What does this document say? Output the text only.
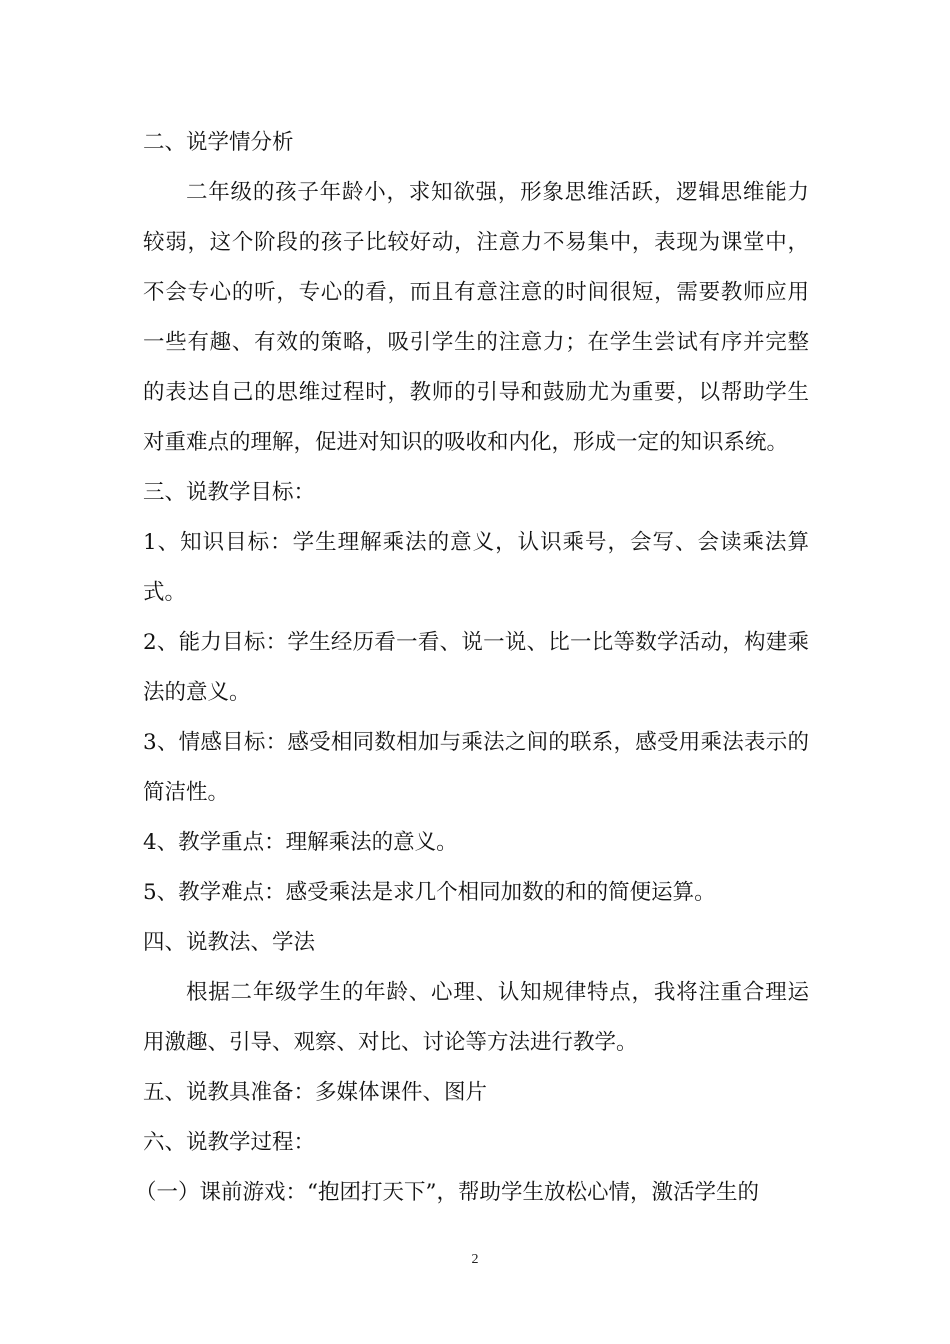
二、说学情分析

二年级的孩子年龄小，求知欲强，形象思维活跃，逻辑思维能力较弱，这个阶段的孩子比较好动，注意力不易集中，表现为课堂中，不会专心的听，专心的看，而且有意注意的时间很短，需要教师应用一些有趣、有效的策略，吸引学生的注意力；在学生尝试有序并完整的表达自己的思维过程时，教师的引导和鼓励尤为重要，以帮助学生对重难点的理解，促进对知识的吸收和内化，形成一定的知识系统。

三、说教学目标：

1、知识目标：学生理解乘法的意义，认识乘号，会写、会读乘法算式。

2、能力目标：学生经历看一看、说一说、比一比等数学活动，构建乘法的意义。

3、情感目标：感受相同数相加与乘法之间的联系，感受用乘法表示的简洁性。

4、教学重点：理解乘法的意义。

5、教学难点：感受乘法是求几个相同加数的和的简便运算。

四、说教法、学法

根据二年级学生的年龄、心理、认知规律特点，我将注重合理运用激趣、引导、观察、对比、讨论等方法进行教学。

五、说教具准备：多媒体课件、图片

六、说教学过程：

（一）课前游戏：“抱团打天下”，帮助学生放松心情，激活学生的

2
